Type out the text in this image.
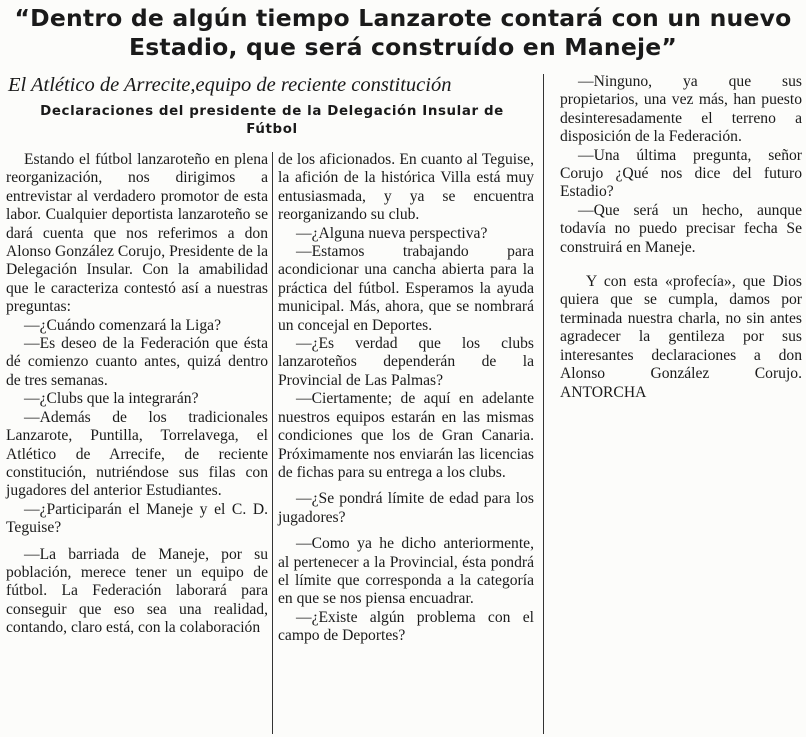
“Dentro de algún tiempo Lanzarote contará con un nuevo Estadio, que será construído en Maneje”
El Atlético de Arrecite,equipo de reciente constitución
Declaraciones del presidente de la Delegación Insular de Fútbol

Estando el fútbol lanzaroteño en plena reorganización, nos dirigimos a entrevistar al verdadero promotor de esta labor. Cualquier deportista lanzaroteño se dará cuenta que nos referimos a don Alonso González Corujo, Presidente de la Delegación Insular. Con la amabilidad que le caracteriza contestó así a nuestras preguntas:

—¿Cuándo comenzará la Liga?

—Es deseo de la Federación que ésta dé comienzo cuanto antes, quizá dentro de tres semanas.

—¿Clubs que la integrarán?

—Además de los tradicionales Lanzarote, Puntilla, Torrelavega, el Atlético de Arrecife, de reciente constitución, nutriéndose sus filas con jugadores del anterior Estudiantes.

—¿Participarán el Maneje y el C. D. Teguise?

—La barriada de Maneje, por su población, merece tener un equipo de fútbol. La Federación laborará para conseguir que eso sea una realidad, contando, claro está, con la colaboración

de los aficionados. En cuanto al Teguise, la afición de la histórica Villa está muy entusiasmada, y ya se encuentra reorganizando su club.

—¿Alguna nueva perspectiva?

—Estamos trabajando para acondicionar una cancha abierta para la práctica del fútbol. Esperamos la ayuda municipal. Más, ahora, que se nombrará un concejal en Deportes.

—¿Es verdad que los clubs lanzaroteños dependerán de la Provincial de Las Palmas?

—Ciertamente; de aquí en adelante nuestros equipos estarán en las mismas condiciones que los de Gran Canaria. Próximamente nos enviarán las licencias de fichas para su entrega a los clubs.

—¿Se pondrá límite de edad para los jugadores?

—Como ya he dicho anteriormente, al pertenecer a la Provincial, ésta pondrá el límite que corresponda a la categoría en que se nos piensa encuadrar.

—¿Existe algún problema con el campo de Deportes?

—Ninguno, ya que sus propietarios, una vez más, han puesto desinteresadamente el terreno a disposición de la Federación.

—Una última pregunta, señor Corujo ¿Qué nos dice del futuro Estadio?

—Que será un hecho, aunque todavía no puedo precisar fecha Se construirá en Maneje.

Y con esta «profecía», que Dios quiera que se cumpla, damos por terminada nuestra charla, no sin antes agradecer la gentileza por sus interesantes declaraciones a don Alonso González Corujo. ANTORCHA
